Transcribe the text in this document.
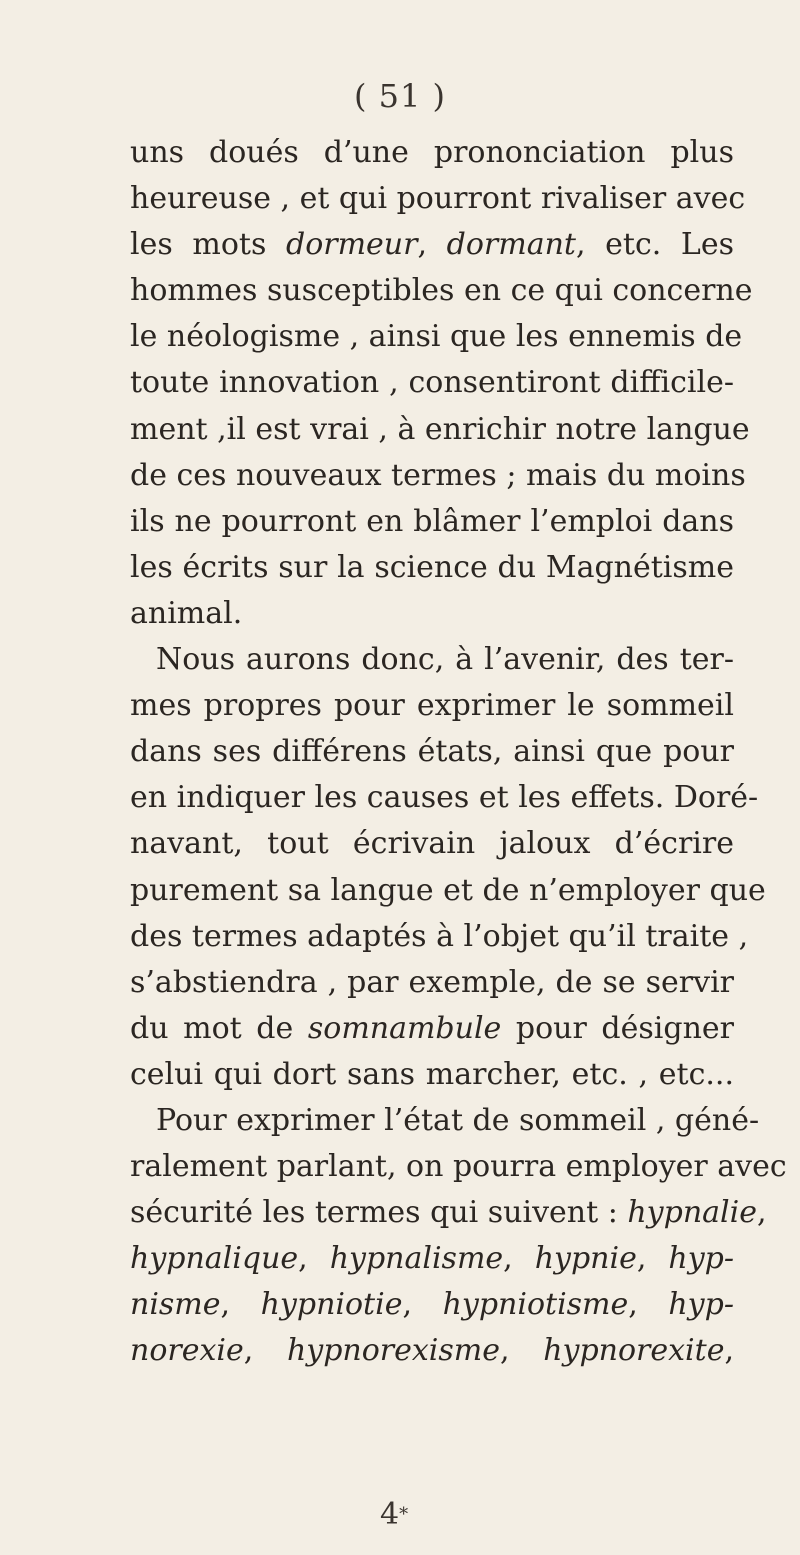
( 51 )
uns doués d’une prononciation plus
heureuse , et qui pourront rivaliser avec
les mots dormeur, dormant, etc. Les
hommes susceptibles en ce qui concerne
le néologisme , ainsi que les ennemis de
toute innovation , consentiront difficile-
ment ,il est vrai , à enrichir notre langue
de ces nouveaux termes ; mais du moins
ils ne pourront en blâmer l’emploi dans
les écrits sur la science du Magnétisme
animal.
Nous aurons donc, à l’avenir, des ter-
mes propres pour exprimer le sommeil
dans ses différens états, ainsi que pour
en indiquer les causes et les effets. Doré-
navant, tout écrivain jaloux d’écrire
purement sa langue et de n’employer que
des termes adaptés à l’objet qu’il traite ,
s’abstiendra , par exemple, de se servir
du mot de somnambule pour désigner
celui qui dort sans marcher, etc. , etc...
Pour exprimer l’état de sommeil , géné-
ralement parlant, on pourra employer avec
sécurité les termes qui suivent : hypnalie,
hypnalique, hypnalisme, hypnie, hyp-
nisme, hypniotie, hypniotisme, hyp-
norexie, hypnorexisme, hypnorexite,
4*
